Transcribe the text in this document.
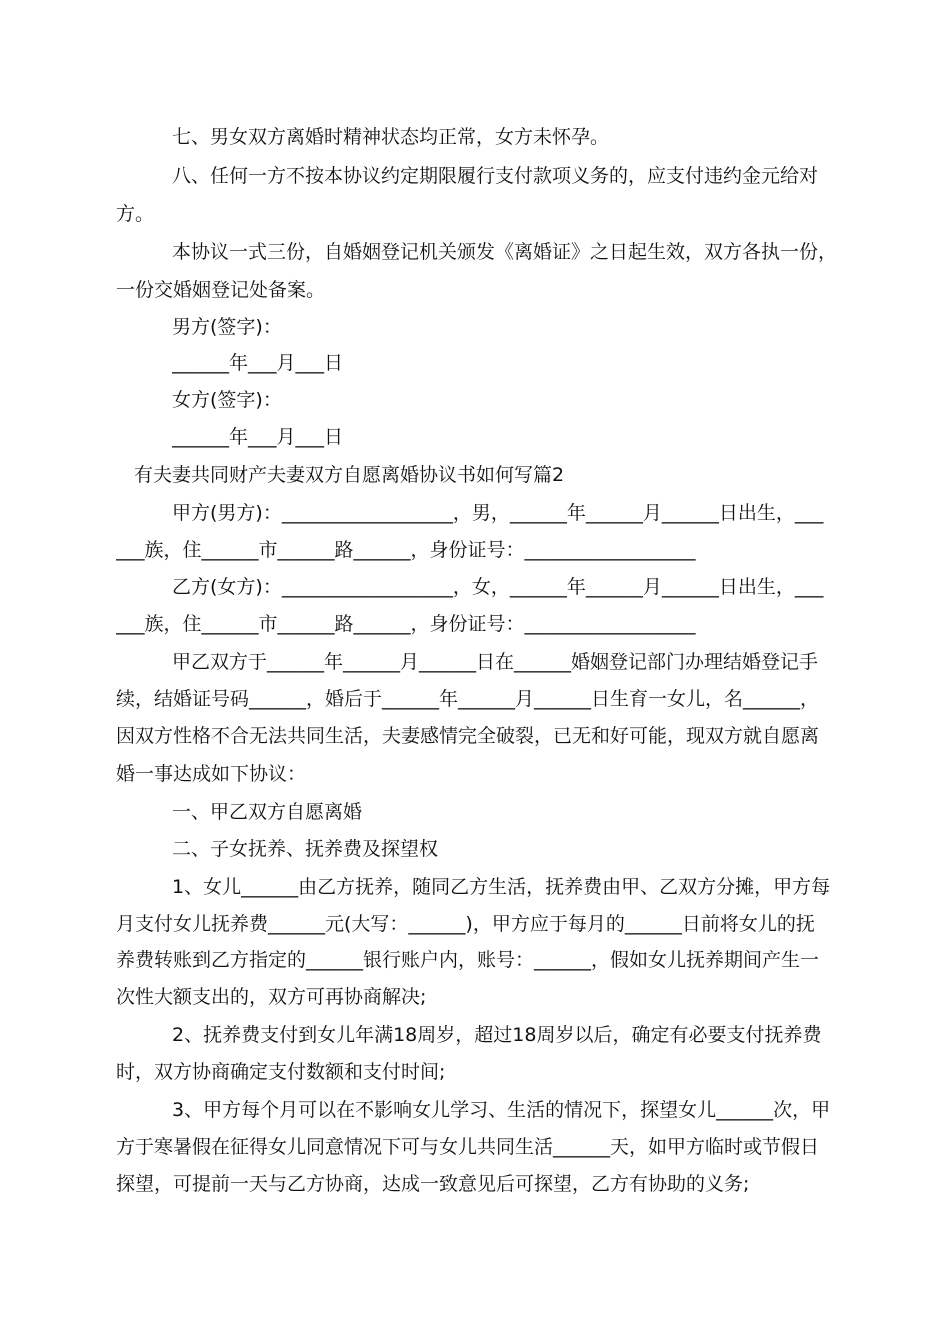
七、男女双方离婚时精神状态均正常，女方未怀孕。
八、任何一方不按本协议约定期限履行支付款项义务的，应支付违约金元给对
方。
本协议一式三份，自婚姻登记机关颁发《离婚证》之日起生效，双方各执一份，
一份交婚姻登记处备案。
男方(签字)：
______年___月___日
女方(签字)：
______年___月___日
有夫妻共同财产夫妻双方自愿离婚协议书如何写篇2
甲方(男方)：__________________，男，______年______月______日出生，___
___族，住______市______路______，身份证号：__________________
乙方(女方)：__________________，女，______年______月______日出生，___
___族，住______市______路______，身份证号：__________________
甲乙双方于______年______月______日在______婚姻登记部门办理结婚登记手
续，结婚证号码______，婚后于______年______月______日生育一女儿，名______，
因双方性格不合无法共同生活，夫妻感情完全破裂，已无和好可能，现双方就自愿离
婚一事达成如下协议：
一、甲乙双方自愿离婚
二、子女抚养、抚养费及探望权
1、女儿______由乙方抚养，随同乙方生活，抚养费由甲、乙双方分摊，甲方每
月支付女儿抚养费______元(大写：______)，甲方应于每月的______日前将女儿的抚
养费转账到乙方指定的______银行账户内，账号：______，假如女儿抚养期间产生一
次性大额支出的，双方可再协商解决;
2、抚养费支付到女儿年满18周岁，超过18周岁以后，确定有必要支付抚养费
时，双方协商确定支付数额和支付时间;
3、甲方每个月可以在不影响女儿学习、生活的情况下，探望女儿______次，甲
方于寒暑假在征得女儿同意情况下可与女儿共同生活______天，如甲方临时或节假日
探望，可提前一天与乙方协商，达成一致意见后可探望，乙方有协助的义务;
